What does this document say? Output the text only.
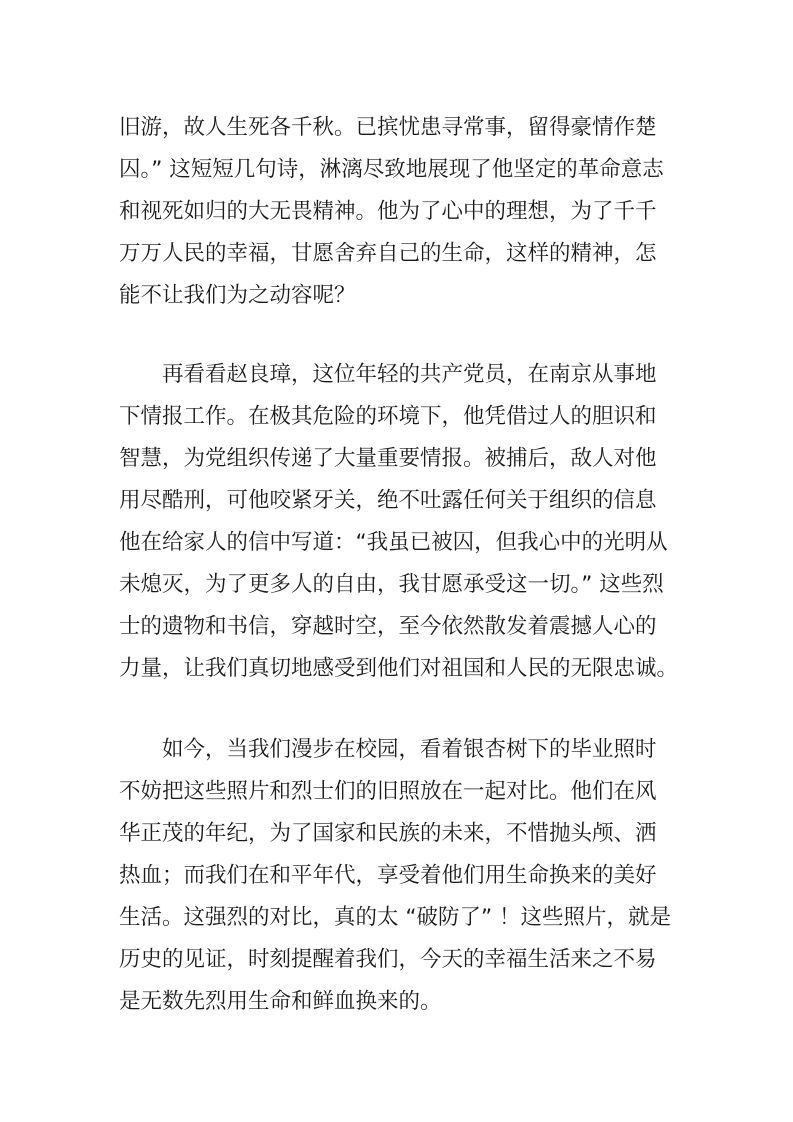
旧游，故人生死各千秋。已摈忧患寻常事，留得豪情作楚
囚。” 这短短几句诗，淋漓尽致地展现了他坚定的革命意志
和视死如归的大无畏精神。他为了心中的理想，为了千千
万万人民的幸福，甘愿舍弃自己的生命，这样的精神，怎
能不让我们为之动容呢？
　　再看看赵良璋，这位年轻的共产党员，在南京从事地
下情报工作。在极其危险的环境下，他凭借过人的胆识和
智慧，为党组织传递了大量重要情报。被捕后，敌人对他
用尽酷刑，可他咬紧牙关，绝不吐露任何关于组织的信息
他在给家人的信中写道：“我虽已被囚，但我心中的光明从
未熄灭，为了更多人的自由，我甘愿承受这一切。” 这些烈
士的遗物和书信，穿越时空，至今依然散发着震撼人心的
力量，让我们真切地感受到他们对祖国和人民的无限忠诚。
　　如今，当我们漫步在校园，看着银杏树下的毕业照时
不妨把这些照片和烈士们的旧照放在一起对比。他们在风
华正茂的年纪，为了国家和民族的未来，不惜抛头颅、洒
热血；而我们在和平年代，享受着他们用生命换来的美好
生活。这强烈的对比，真的太 “破防了” ！这些照片，就是
历史的见证，时刻提醒着我们，今天的幸福生活来之不易
是无数先烈用生命和鲜血换来的。
